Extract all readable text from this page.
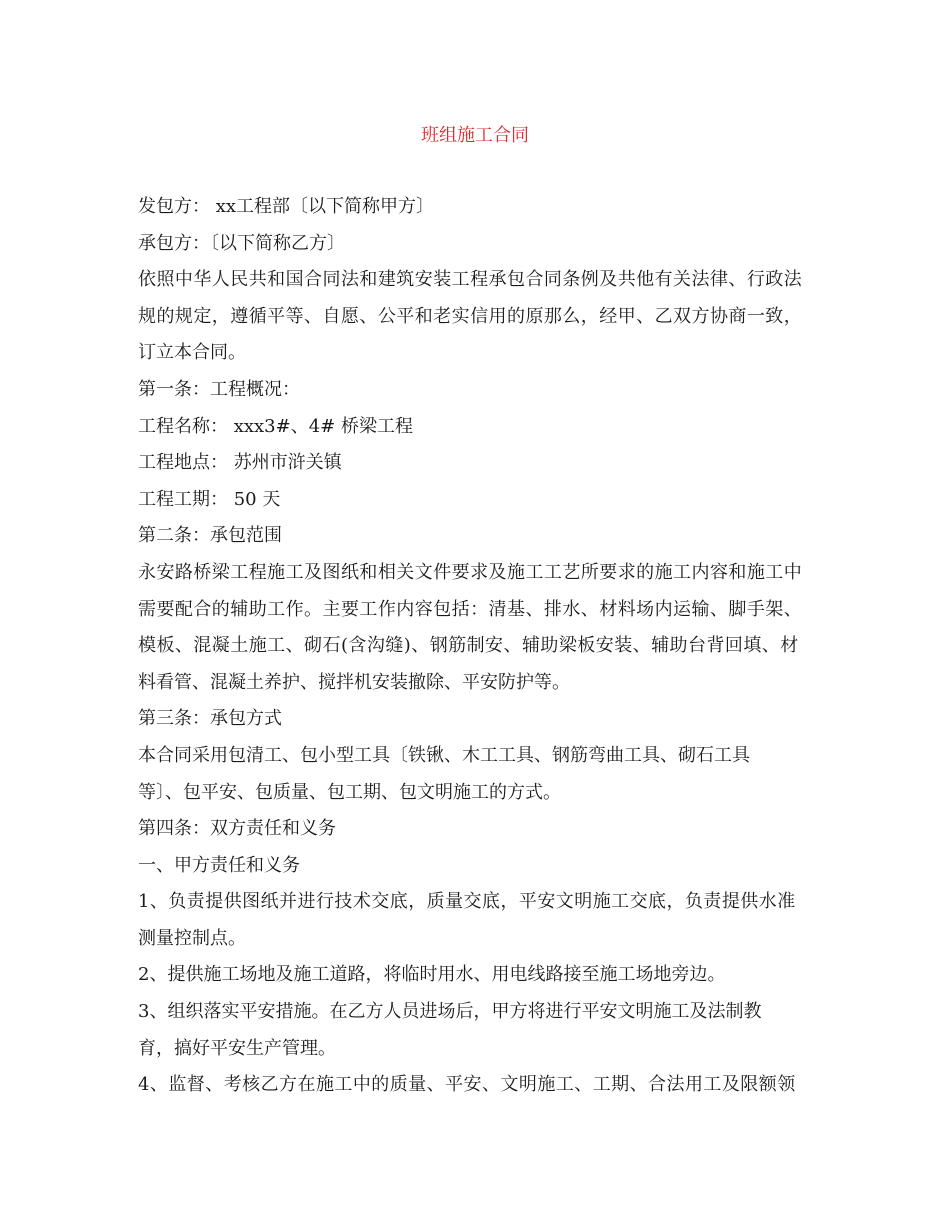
班组施工合同
发包方： xx工程部〔以下简称甲方〕
承包方：〔以下简称乙方〕
依照中华人民共和国合同法和建筑安装工程承包合同条例及共他有关法律、行政法
规的规定，遵循平等、自愿、公平和老实信用的原那么，经甲、乙双方协商一致，
订立本合同。
第一条：工程概况：
工程名称： xxx3#、4# 桥梁工程
工程地点： 苏州市浒关镇
工程工期： 50 天
第二条：承包范围
永安路桥梁工程施工及图纸和相关文件要求及施工工艺所要求的施工内容和施工中
需要配合的辅助工作。主要工作内容包括：清基、排水、材料场内运输、脚手架、
模板、混凝土施工、砌石(含沟缝)、钢筋制安、辅助梁板安装、辅助台背回填、材
料看管、混凝土养护、搅拌机安装撤除、平安防护等。
第三条：承包方式
本合同采用包清工、包小型工具〔铁锹、木工工具、钢筋弯曲工具、砌石工具
等〕、包平安、包质量、包工期、包文明施工的方式。
第四条：双方责任和义务
一、甲方责任和义务
1、负责提供图纸并进行技术交底，质量交底，平安文明施工交底，负责提供水准
测量控制点。
2、提供施工场地及施工道路，将临时用水、用电线路接至施工场地旁边。
3、组织落实平安措施。在乙方人员进场后，甲方将进行平安文明施工及法制教
育，搞好平安生产管理。
4、监督、考核乙方在施工中的质量、平安、文明施工、工期、合法用工及限额领
